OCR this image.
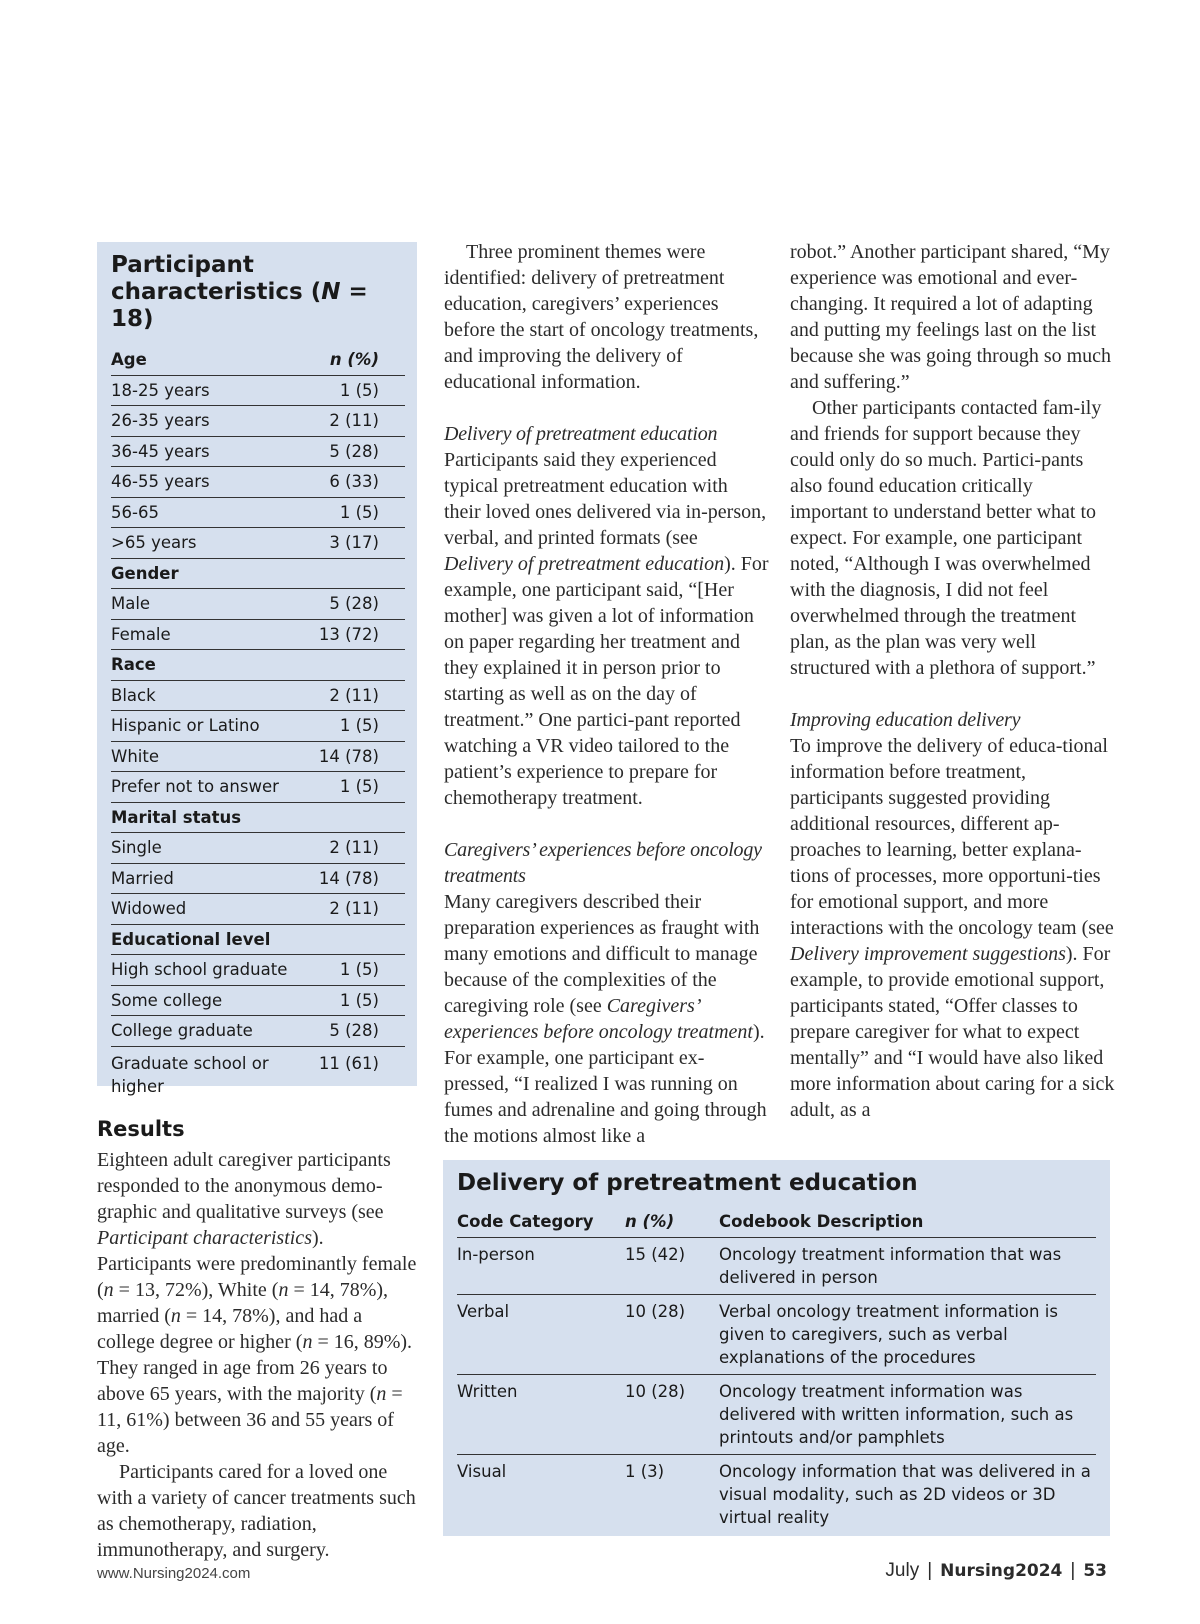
Participant
characteristics (N = 18)
Age	n (%)
18-25 years	1 (5)
26-35 years	2 (11)
36-45 years	5 (28)
46-55 years	6 (33)
56-65	1 (5)
>65 years	3 (17)
Gender	
Male	5 (28)
Female	13 (72)
Race	
Black	2 (11)
Hispanic or Latino	1 (5)
White	14 (78)
Prefer not to answer	1 (5)
Marital status	
Single	2 (11)
Married	14 (78)
Widowed	2 (11)
Educational level	
High school graduate	1 (5)
Some college	1 (5)
College graduate	5 (28)
Graduate school or higher	11 (61)
Results

Eighteen adult caregiver participants responded to the anonymous demo-graphic and qualitative surveys (see Participant characteristics). Participants were predominantly female (n = 13, 72%), White (n = 14, 78%), married (n = 14, 78%), and had a college degree or higher (n = 16, 89%). They ranged in age from 26 years to above 65 years, with the majority (n = 11, 61%) between 36 and 55 years of age.

Participants cared for a loved one with a variety of cancer treatments such as chemotherapy, radiation, immunotherapy, and surgery.

Three prominent themes were identified: delivery of pretreatment education, caregivers’ experiences before the start of oncology treatments, and improving the delivery of educational information.

Delivery of pretreatment education

Participants said they experienced typical pretreatment education with their loved ones delivered via in-person, verbal, and printed formats (see Delivery of pretreatment education). For example, one participant said, “[Her mother] was given a lot of information on paper regarding her treatment and they explained it in person prior to starting as well as on the day of treatment.” One partici-pant reported watching a VR video tailored to the patient’s experience to prepare for chemotherapy treatment.

Caregivers’ experiences before oncology treatments

Many caregivers described their preparation experiences as fraught with many emotions and difficult to manage because of the complexities of the caregiving role (see Caregivers’ experiences before oncology treatment). For example, one participant ex-pressed, “I realized I was running on fumes and adrenaline and going through the motions almost like a

robot.” Another participant shared, “My experience was emotional and ever-changing. It required a lot of adapting and putting my feelings last on the list because she was going through so much and suffering.”

Other participants contacted fam-ily and friends for support because they could only do so much. Partici-pants also found education critically important to understand better what to expect. For example, one participant noted, “Although I was overwhelmed with the diagnosis, I did not feel overwhelmed through the treatment plan, as the plan was very well structured with a plethora of support.”

Improving education delivery

To improve the delivery of educa-tional information before treatment, participants suggested providing additional resources, different ap-proaches to learning, better explana-tions of processes, more opportuni-ties for emotional support, and more interactions with the oncology team (see Delivery improvement suggestions). For example, to provide emotional support, participants stated, “Offer classes to prepare caregiver for what to expect mentally” and “I would have also liked more information about caring for a sick adult, as a

Delivery of pretreatment education
Code Category	n (%)	Codebook Description
In-person	15 (42)	Oncology treatment information that was delivered in person
Verbal	10 (28)	Verbal oncology treatment information is given to caregivers, such as verbal explanations of the procedures
Written	10 (28)	Oncology treatment information was delivered with written information, such as printouts and/or pamphlets
Visual	1 (3)	Oncology information that was delivered in a visual modality, such as 2D videos or 3D virtual reality
www.Nursing2024.com	July | Nursing2024 | 53
